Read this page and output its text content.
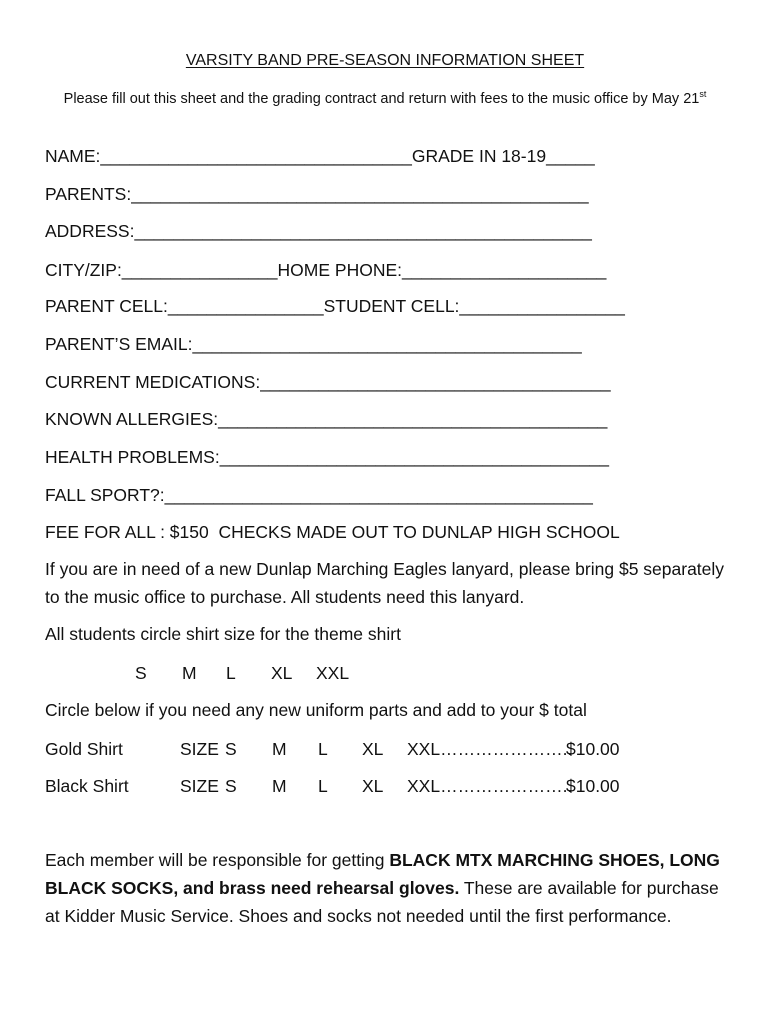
VARSITY BAND PRE-SEASON INFORMATION SHEET
Please fill out this sheet and the grading contract and return with fees to the music office by May 21st
NAME:________________________________GRADE IN 18-19_____
PARENTS:_______________________________________________
ADDRESS:_______________________________________________
CITY/ZIP:________________HOME PHONE:_____________________
PARENT CELL:________________STUDENT CELL:_________________
PARENT’S EMAIL:________________________________________
CURRENT MEDICATIONS:____________________________________
KNOWN ALLERGIES:________________________________________
HEALTH PROBLEMS:________________________________________
FALL SPORT?:____________________________________________
FEE FOR ALL : $150  CHECKS MADE OUT TO DUNLAP HIGH SCHOOL
If you are in need of a new Dunlap Marching Eagles lanyard, please bring $5 separately to the music office to purchase. All students need this lanyard.
All students circle shirt size for the theme shirt
S M L XL XXL
Circle below if you need any new uniform parts and add to your $ total
Gold Shirt	SIZE S M L XL XXL…………………..
$10.00
Black Shirt	SIZE S M L XL XXL…………………..
$10.00
Each member will be responsible for getting BLACK MTX MARCHING SHOES, LONG BLACK SOCKS, and brass need rehearsal gloves. These are available for purchase at Kidder Music Service. Shoes and socks not needed until the first performance.
